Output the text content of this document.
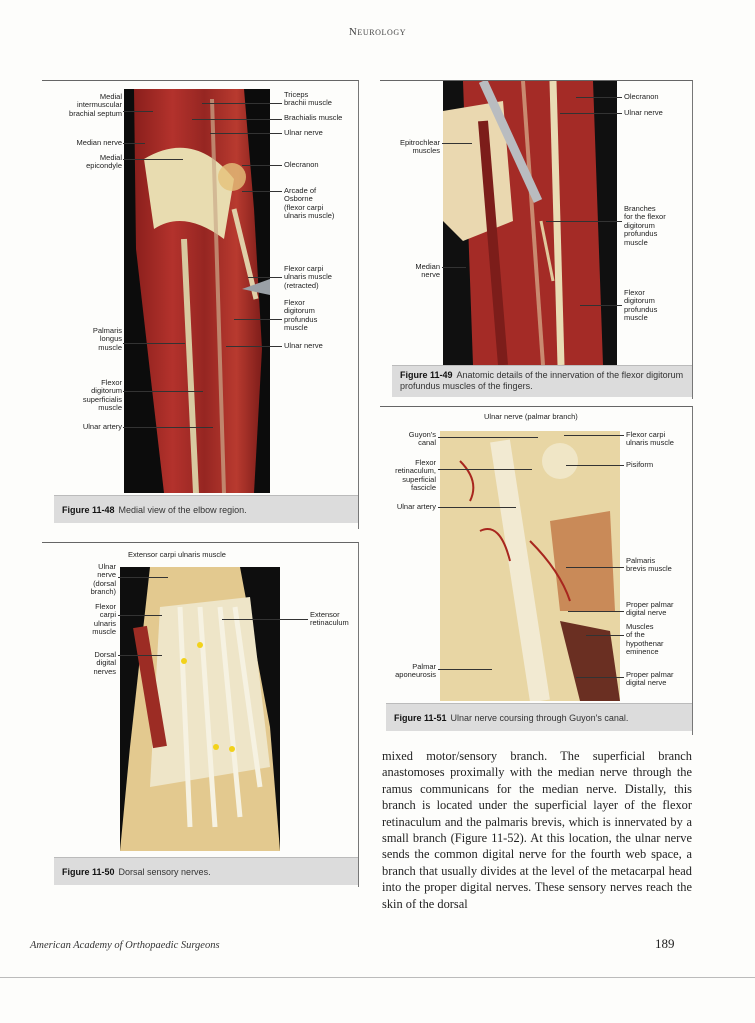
Neurology
Medial
intermuscular
brachial septum
Median nerve
Medial
epicondyle
Palmaris
longus
muscle
Flexor
digitorum
superficialis
muscle
Ulnar artery
Triceps
brachii muscle
Brachialis muscle
Ulnar nerve
Olecranon
Arcade of
Osborne
(flexor carpi
ulnaris muscle)
Flexor carpi
ulnaris muscle
(retracted)
Flexor
digitorum
profundus
muscle
Ulnar nerve
Figure 11-48 Medial view of the elbow region.
Epitrochlear
muscles
Median
nerve
Olecranon
Ulnar nerve
Branches
for the flexor
digitorum
profundus
muscle
Flexor
digitorum
profundus
muscle
Figure 11-49 Anatomic details of the innervation of the flexor digitorum profundus muscles of the fingers.
Extensor carpi ulnaris muscle
Ulnar
nerve
(dorsal
branch)
Flexor
carpi
ulnaris
muscle
Dorsal
digital
nerves
Extensor
retinaculum
Figure 11-50 Dorsal sensory nerves.
Ulnar nerve (palmar branch)
Guyon's
canal
Flexor
retinaculum,
superficial
fascicle
Ulnar artery
Palmar
aponeurosis
Flexor carpi
ulnaris muscle
Pisiform
Palmaris
brevis muscle
Proper palmar
digital nerve
Muscles
of the
hypothenar
eminence
Proper palmar
digital nerve
Figure 11-51 Ulnar nerve coursing through Guyon's canal.

mixed motor/sensory branch. The superficial branch anastomoses proximally with the median nerve through the ramus communicans for the median nerve. Distally, this branch is located under the superficial layer of the flexor retinaculum and the palmaris brevis, which is innervated by a small branch (Figure 11-52). At this location, the ulnar nerve sends the common digital nerve for the fourth web space, a branch that usually divides at the level of the metacarpal head into the proper digital nerves. These sensory nerves reach the skin of the dorsal

American Academy of Orthopaedic Surgeons	189
